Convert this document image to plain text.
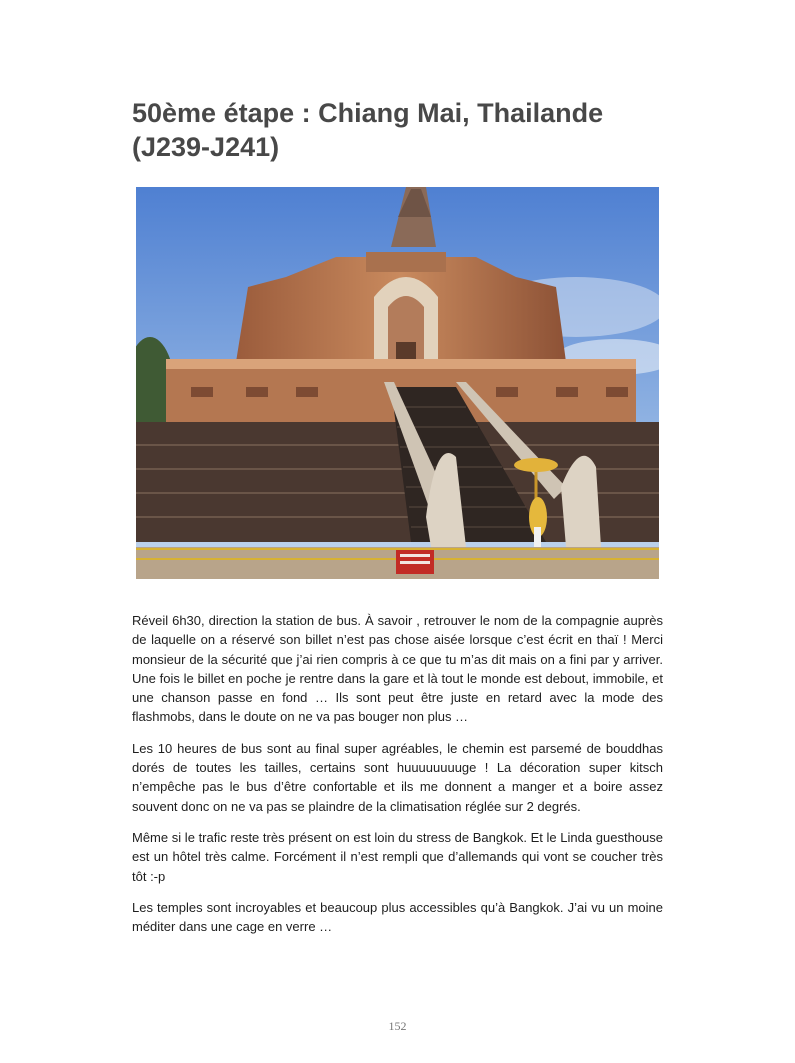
50ème étape : Chiang Mai, Thailande (J239-J241)

Réveil 6h30, direction la station de bus. À savoir , retrouver le nom de la compagnie auprès de laquelle on a réservé son billet n’est pas chose aisée lorsque c’est écrit en thaï ! Merci monsieur de la sécurité que j’ai rien compris à ce que tu m’as dit mais on a fini par y arriver. Une fois le billet en poche je rentre dans la gare et là tout le monde est debout, immobile, et une chanson passe en fond … Ils sont peut être juste en retard avec la mode des flashmobs, dans le doute on ne va pas bouger non plus …

Les 10 heures de bus sont au final super agréables, le chemin est parsemé de bouddhas dorés de toutes les tailles, certains sont huuuuuuuuge ! La décoration super kitsch n’empêche pas le bus d’être confortable et ils me donnent a manger et a boire assez souvent donc on ne va pas se plaindre de la climatisation réglée sur 2 degrés.

Même si le trafic reste très présent on est loin du stress de Bangkok. Et le Linda guesthouse est un hôtel très calme. Forcément il n’est rempli que d’allemands qui vont se coucher très tôt :-p

Les temples sont incroyables et beaucoup plus accessibles qu’à Bangkok. J’ai vu un moine méditer dans une cage en verre …

152
